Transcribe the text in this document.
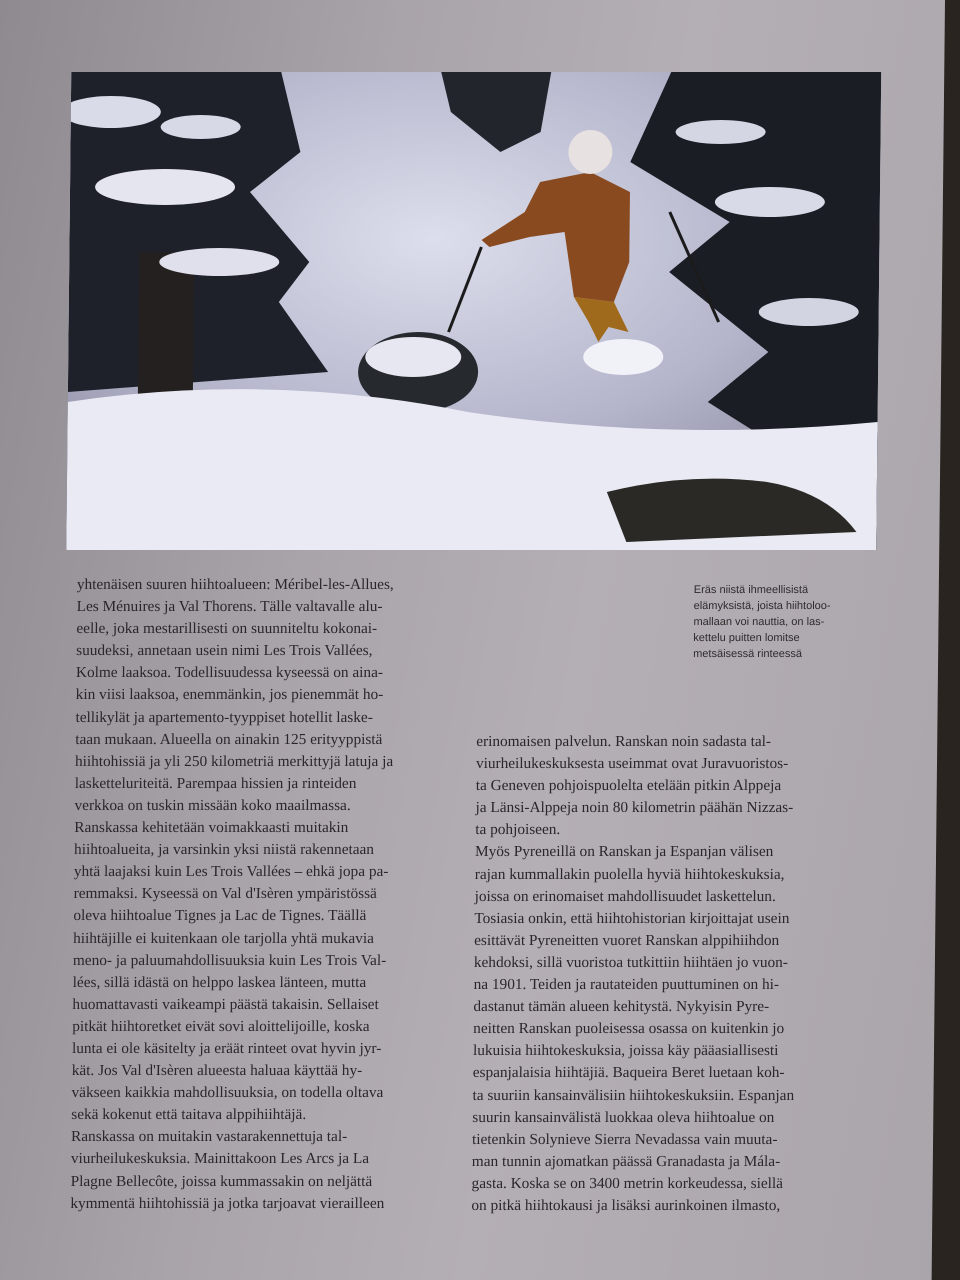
Eräs niistä ihmeellisistä
elämyksistä, joista hiihtoloo-
mallaan voi nauttia, on las-
kettelu puitten lomitse
metsäisessä rinteessä
yhtenäisen suuren hiihtoalueen: Méribel-les-Allues,
Les Ménuires ja Val Thorens. Tälle valtavalle alu-
eelle, joka mestarillisesti on suunniteltu kokonai-
suudeksi, annetaan usein nimi Les Trois Vallées,
Kolme laaksoa. Todellisuudessa kyseessä on aina-
kin viisi laaksoa, enemmänkin, jos pienemmät ho-
tellikylät ja apartemento-tyyppiset hotellit laske-
taan mukaan. Alueella on ainakin 125 erityyppistä
hiihtohissiä ja yli 250 kilometriä merkittyjä latuja ja
lasketteluriteitä. Parempaa hissien ja rinteiden
verkkoa on tuskin missään koko maailmassa.
Ranskassa kehitetään voimakkaasti muitakin
hiihtoalueita, ja varsinkin yksi niistä rakennetaan
yhtä laajaksi kuin Les Trois Vallées – ehkä jopa pa-
remmaksi. Kyseessä on Val d'Isèren ympäristössä
oleva hiihtoalue Tignes ja Lac de Tignes. Täällä
hiihtäjille ei kuitenkaan ole tarjolla yhtä mukavia
meno- ja paluumahdollisuuksia kuin Les Trois Val-
lées, sillä idästä on helppo laskea länteen, mutta
huomattavasti vaikeampi päästä takaisin. Sellaiset
pitkät hiihtoretket eivät sovi aloittelijoille, koska
lunta ei ole käsitelty ja eräät rinteet ovat hyvin jyr-
kät. Jos Val d'Isèren alueesta haluaa käyttää hy-
väkseen kaikkia mahdollisuuksia, on todella oltava
sekä kokenut että taitava alppihiihtäjä.
Ranskassa on muitakin vastarakennettuja tal-
viurheilukeskuksia. Mainittakoon Les Arcs ja La
Plagne Bellecôte, joissa kummassakin on neljättä
kymmentä hiihtohissiä ja jotka tarjoavat vierailleen
erinomaisen palvelun. Ranskan noin sadasta tal-
viurheilukeskuksesta useimmat ovat Juravuoristos-
ta Geneven pohjoispuolelta etelään pitkin Alppeja
ja Länsi-Alppeja noin 80 kilometrin päähän Nizzas-
ta pohjoiseen.
Myös Pyreneillä on Ranskan ja Espanjan välisen
rajan kummallakin puolella hyviä hiihtokeskuksia,
joissa on erinomaiset mahdollisuudet laskettelun.
Tosiasia onkin, että hiihtohistorian kirjoittajat usein
esittävät Pyreneitten vuoret Ranskan alppihiihdon
kehdoksi, sillä vuoristoa tutkittiin hiihtäen jo vuon-
na 1901. Teiden ja rautateiden puuttuminen on hi-
dastanut tämän alueen kehitystä. Nykyisin Pyre-
neitten Ranskan puoleisessa osassa on kuitenkin jo
lukuisia hiihtokeskuksia, joissa käy pääasiallisesti
espanjalaisia hiihtäjiä. Baqueira Beret luetaan koh-
ta suuriin kansainvälisiin hiihtokeskuksiin. Espanjan
suurin kansainvälistä luokkaa oleva hiihtoalue on
tietenkin Solynieve Sierra Nevadassa vain muuta-
man tunnin ajomatkan päässä Granadasta ja Mála-
gasta. Koska se on 3400 metrin korkeudessa, siellä
on pitkä hiihtokausi ja lisäksi aurinkoinen ilmasto,
